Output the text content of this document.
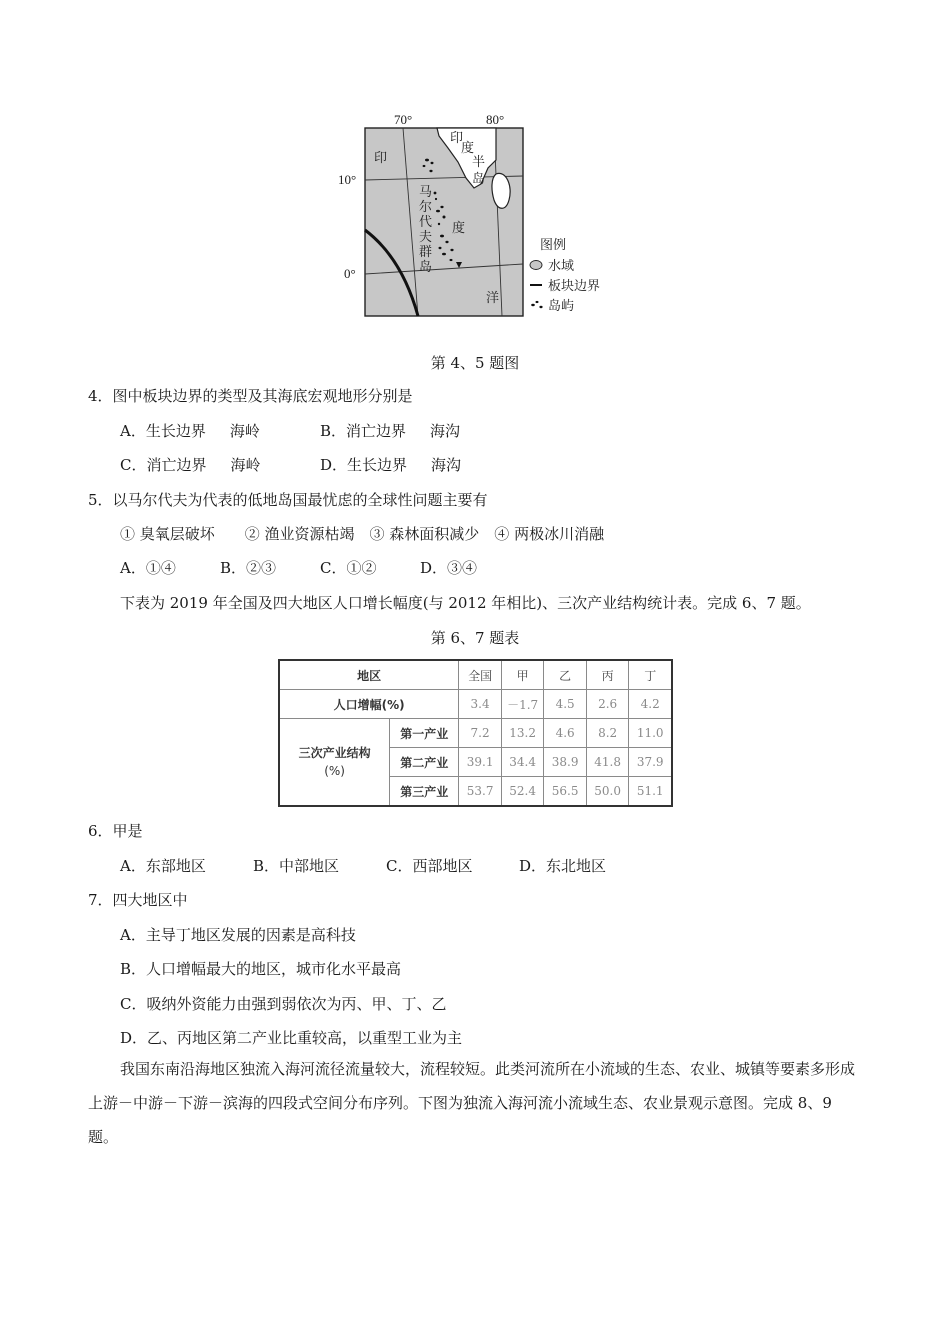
70°	80°
10°
0°
印
度
半
岛
印
度
洋
马
尔
代
夫
群
岛
图例
水域
板块边界
岛屿
第 4、5 题图
4．图中板块边界的类型及其海底宏观地形分别是
A．生长边界 海岭	B．消亡边界 海沟
C．消亡边界 海岭	D．生长边界 海沟
5．以马尔代夫为代表的低地岛国最忧虑的全球性问题主要有
① 臭氧层破坏　　② 渔业资源枯竭　③ 森林面积减少　④ 两极冰川消融
A．①④	B．②③	C．①②	D．③④
下表为 2019 年全国及四大地区人口增长幅度(与 2012 年相比)、三次产业结构统计表。完成 6、7 题。
第 6、7 题表
地区		全国	甲	乙	丙	丁
人口增幅(%)		3.4	－1.7	4.5	2.6	4.2

三次产业结构
(%)	第一产业	7.2	13.2	4.6	8.2	11.0
	第二产业	39.1	34.4	38.9	41.8	37.9
	第三产业	53.7	52.4	56.5	50.0	51.1
6．甲是
A．东部地区	B．中部地区	C．西部地区	D．东北地区
7．四大地区中
A．主导丁地区发展的因素是高科技
B．人口增幅最大的地区，城市化水平最高
C．吸纳外资能力由强到弱依次为丙、甲、丁、乙
D．乙、丙地区第二产业比重较高，以重型工业为主
我国东南沿海地区独流入海河流径流量较大，流程较短。此类河流所在小流域的生态、农业、城镇等要素多形成上游－中游－下游－滨海的四段式空间分布序列。下图为独流入海河流小流域生态、农业景观示意图。完成 8、9 题。
